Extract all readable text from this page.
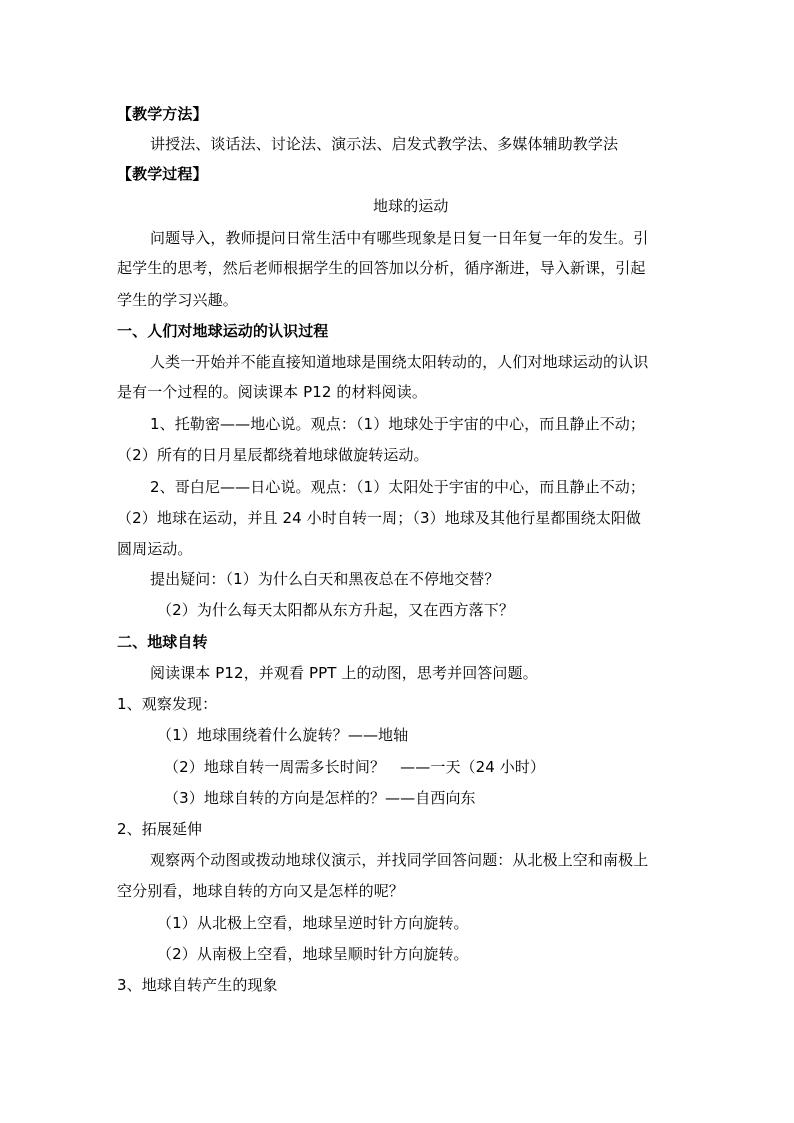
【教学方法】
讲授法、谈话法、讨论法、演示法、启发式教学法、多媒体辅助教学法
【教学过程】
地球的运动
问题导入，教师提问日常生活中有哪些现象是日复一日年复一年的发生。引
起学生的思考，然后老师根据学生的回答加以分析，循序渐进，导入新课，引起
学生的学习兴趣。
一、人们对地球运动的认识过程
人类一开始并不能直接知道地球是围绕太阳转动的，人们对地球运动的认识
是有一个过程的。阅读课本 P12 的材料阅读。
1、托勒密——地心说。观点：（1）地球处于宇宙的中心，而且静止不动；
（2）所有的日月星辰都绕着地球做旋转运动。
2、哥白尼——日心说。观点：（1）太阳处于宇宙的中心，而且静止不动；
（2）地球在运动，并且 24 小时自转一周；（3）地球及其他行星都围绕太阳做
圆周运动。
提出疑问：（1）为什么白天和黑夜总在不停地交替？
（2）为什么每天太阳都从东方升起，又在西方落下？
二、地球自转
阅读课本 P12，并观看 PPT 上的动图，思考并回答问题。
1、观察发现：
（1）地球围绕着什么旋转？——地轴
（2）地球自转一周需多长时间？　——一天（24 小时）
（3）地球自转的方向是怎样的？——自西向东
2、拓展延伸
观察两个动图或拨动地球仪演示，并找同学回答问题：从北极上空和南极上
空分别看，地球自转的方向又是怎样的呢？
（1）从北极上空看，地球呈逆时针方向旋转。
（2）从南极上空看，地球呈顺时针方向旋转。
3、地球自转产生的现象
